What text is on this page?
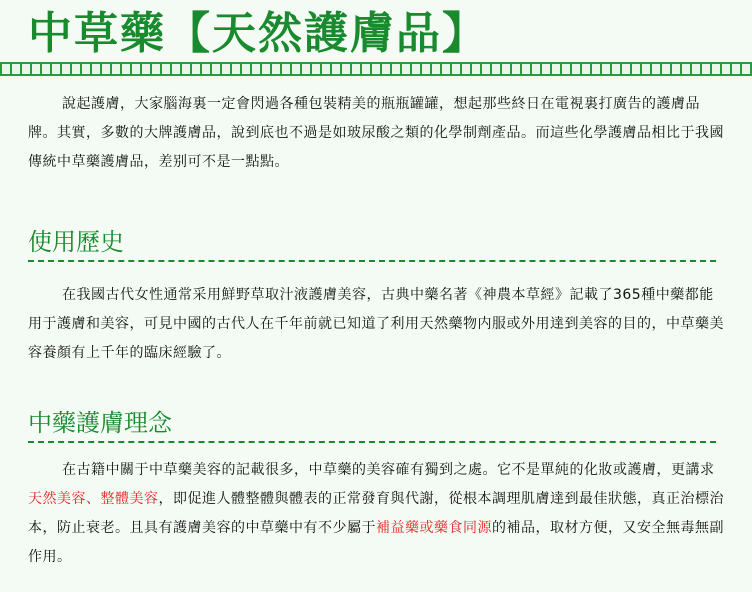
中草藥【天然護膚品】

說起護膚，大家腦海裏一定會閃過各種包裝精美的瓶瓶罐罐，想起那些終日在電視裏打廣告的護膚品牌。其實，多數的大牌護膚品，說到底也不過是如玻尿酸之類的化學制劑產品。而這些化學護膚品相比于我國傳統中草藥護膚品，差别可不是一點點。

使用歷史

在我國古代女性通常采用鮮野草取汁液護膚美容，古典中藥名著《神農本草經》記載了365種中藥都能用于護膚和美容，可見中國的古代人在千年前就已知道了利用天然藥物内服或外用達到美容的目的，中草藥美容養顏有上千年的臨床經驗了。

中藥護膚理念

在古籍中關于中草藥美容的記載很多，中草藥的美容確有獨到之處。它不是單純的化妝或護膚，更講求天然美容、整體美容，即促進人體整體與體表的正常發育與代謝，從根本調理肌膚達到最佳狀態，真正治標治本，防止衰老。且具有護膚美容的中草藥中有不少屬于補益藥或藥食同源的補品，取材方便，又安全無毒無副作用。
